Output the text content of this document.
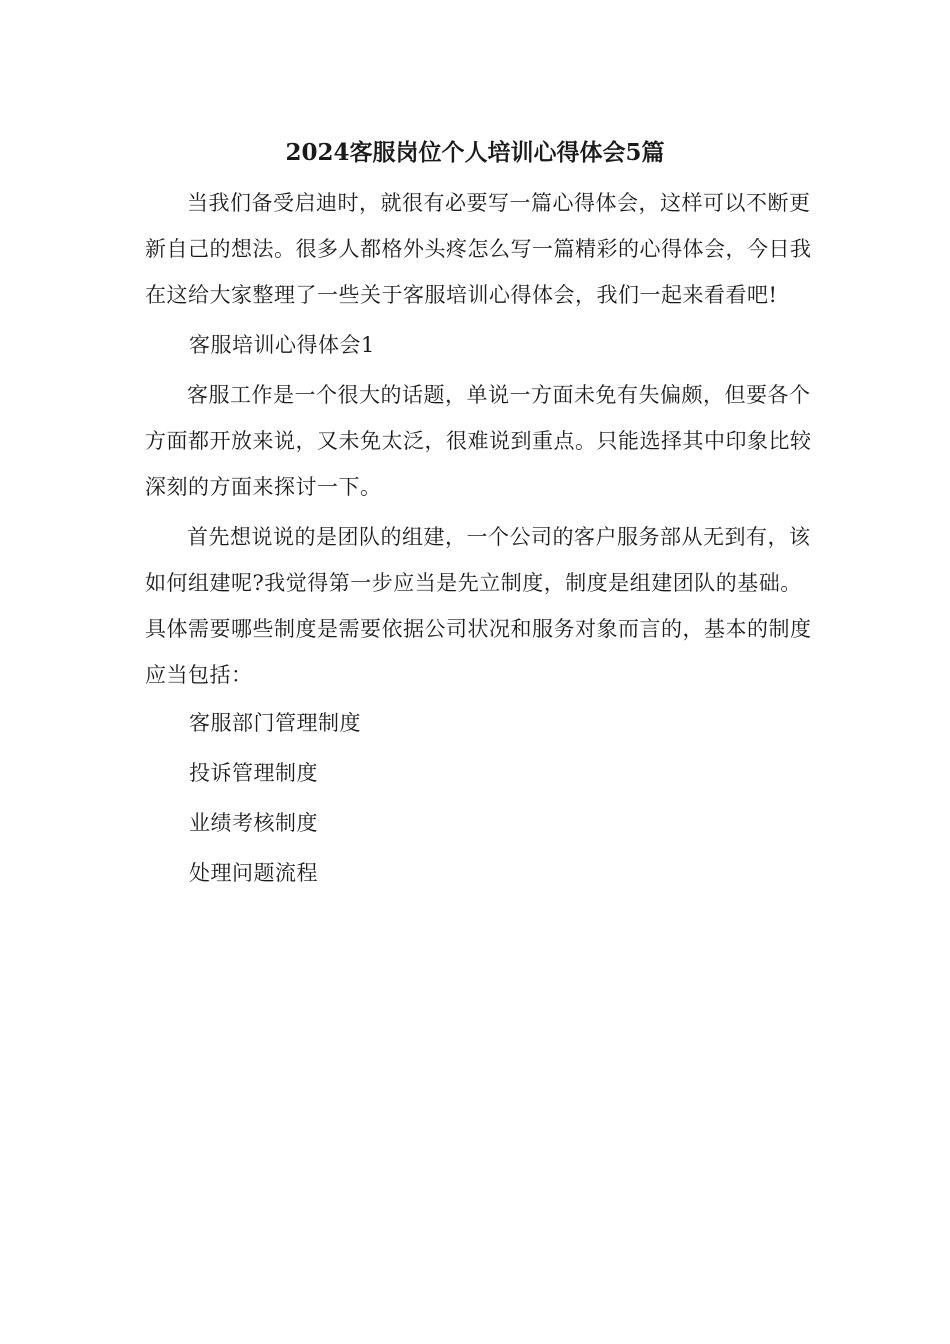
2024客服岗位个人培训心得体会5篇

当我们备受启迪时，就很有必要写一篇心得体会，这样可以不断更新自己的想法。很多人都格外头疼怎么写一篇精彩的心得体会，今日我在这给大家整理了一些关于客服培训心得体会，我们一起来看看吧!

客服培训心得体会1

客服工作是一个很大的话题，单说一方面未免有失偏颇，但要各个方面都开放来说，又未免太泛，很难说到重点。只能选择其中印象比较深刻的方面来探讨一下。

首先想说说的是团队的组建，一个公司的客户服务部从无到有，该如何组建呢?我觉得第一步应当是先立制度，制度是组建团队的基础。具体需要哪些制度是需要依据公司状况和服务对象而言的，基本的制度应当包括：

客服部门管理制度

投诉管理制度

业绩考核制度

处理问题流程
